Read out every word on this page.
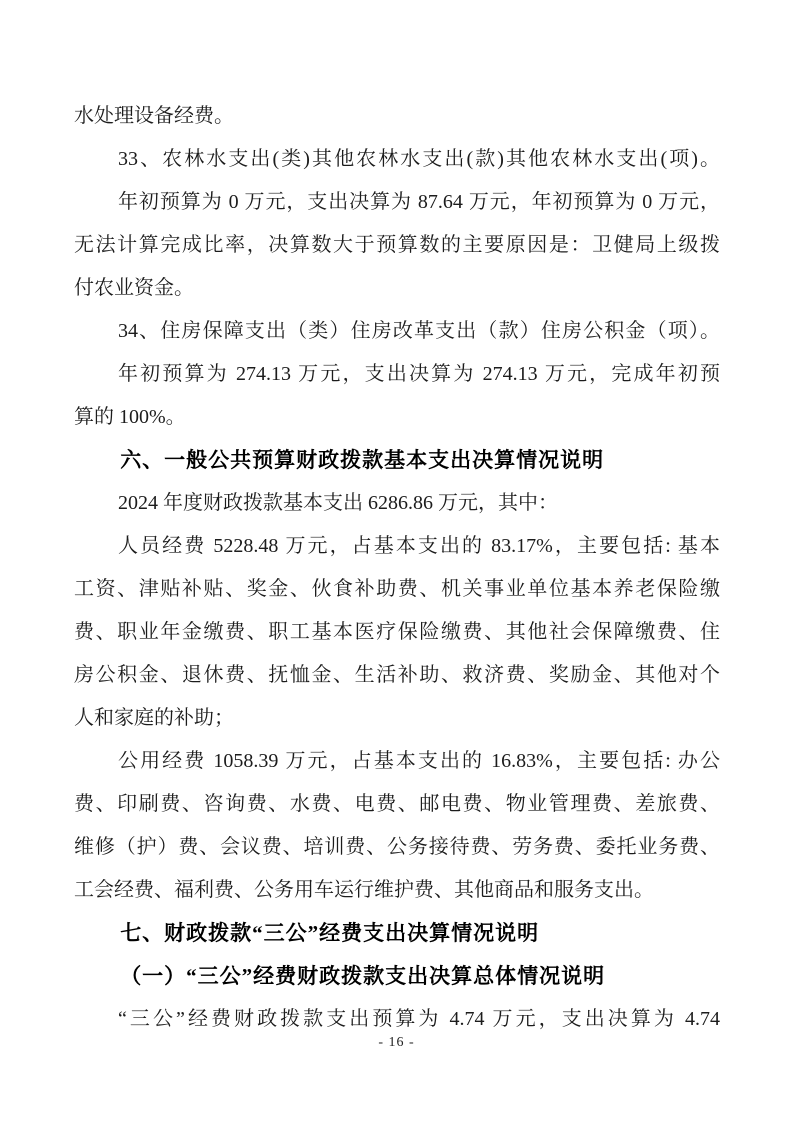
水处理设备经费。
33、农林水支出(类)其他农林水支出(款)其他农林水支出(项)。
年初预算为 0 万元，支出决算为 87.64 万元，年初预算为 0 万元，
无法计算完成比率，决算数大于预算数的主要原因是：卫健局上级拨
付农业资金。
34、住房保障支出（类）住房改革支出（款）住房公积金（项）。
年初预算为 274.13 万元，支出决算为 274.13 万元，完成年初预
算的 100%。
六、一般公共预算财政拨款基本支出决算情况说明
2024 年度财政拨款基本支出 6286.86 万元，其中：
人员经费 5228.48 万元，占基本支出的 83.17%，主要包括: 基本
工资、津贴补贴、奖金、伙食补助费、机关事业单位基本养老保险缴
费、职业年金缴费、职工基本医疗保险缴费、其他社会保障缴费、住
房公积金、退休费、抚恤金、生活补助、救济费、奖励金、其他对个
人和家庭的补助；
公用经费 1058.39 万元，占基本支出的 16.83%，主要包括: 办公
费、印刷费、咨询费、水费、电费、邮电费、物业管理费、差旅费、
维修（护）费、会议费、培训费、公务接待费、劳务费、委托业务费、
工会经费、福利费、公务用车运行维护费、其他商品和服务支出。
七、财政拨款“三公”经费支出决算情况说明
（一）“三公”经费财政拨款支出决算总体情况说明
“三公”经费财政拨款支出预算为 4.74 万元，支出决算为 4.74
- 16 -
